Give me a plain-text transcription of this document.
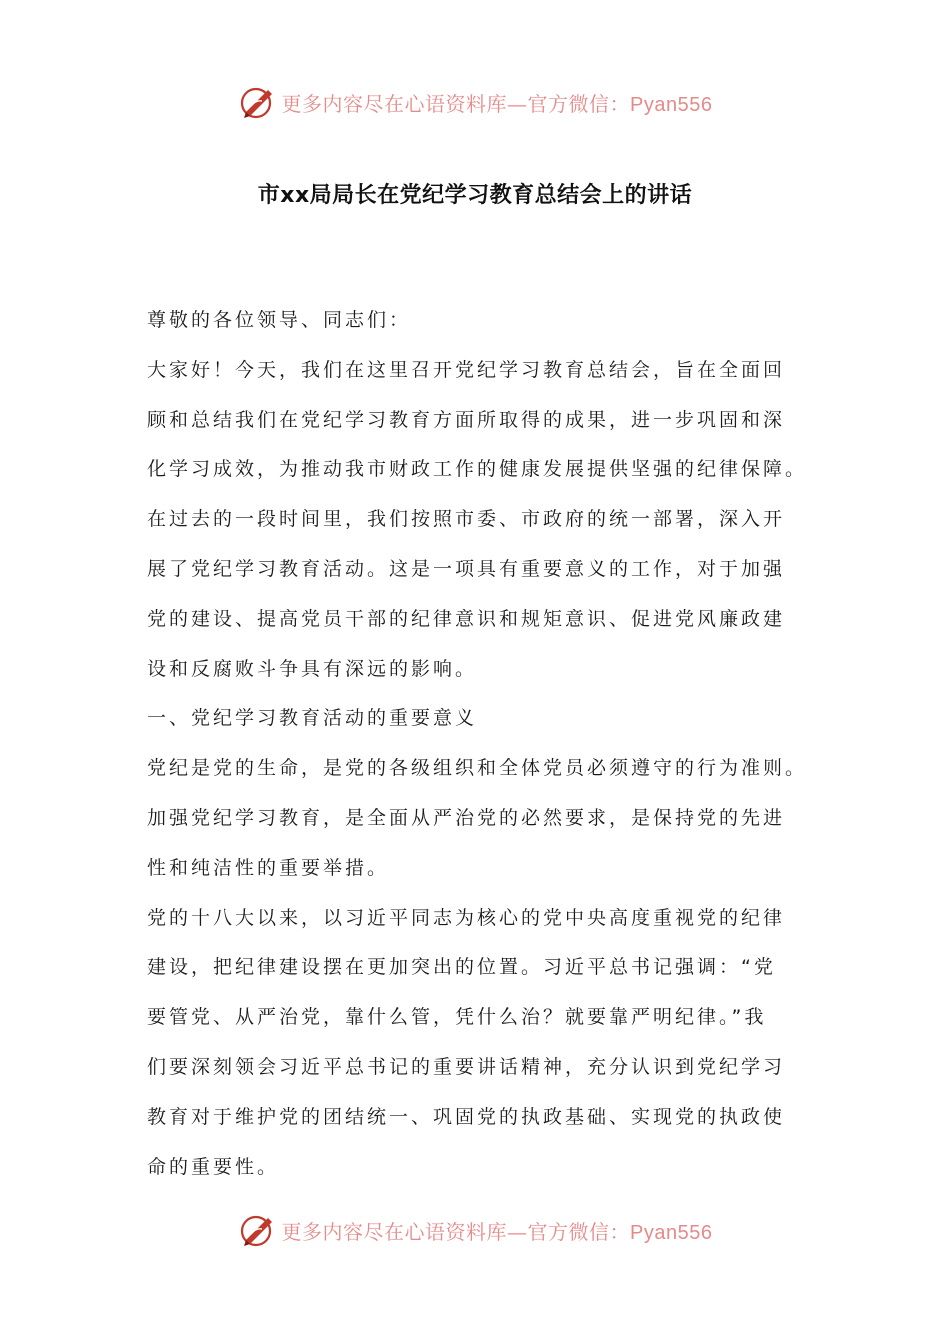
更多内容尽在心语资料库—官方微信：Pyan556
市xx局局长在党纪学习教育总结会上的讲话
尊敬的各位领导、同志们：
大家好！今天，我们在这里召开党纪学习教育总结会，旨在全面回
顾和总结我们在党纪学习教育方面所取得的成果，进一步巩固和深
化学习成效，为推动我市财政工作的健康发展提供坚强的纪律保障。
在过去的一段时间里，我们按照市委、市政府的统一部署，深入开
展了党纪学习教育活动。这是一项具有重要意义的工作，对于加强
党的建设、提高党员干部的纪律意识和规矩意识、促进党风廉政建
设和反腐败斗争具有深远的影响。
一、党纪学习教育活动的重要意义
党纪是党的生命，是党的各级组织和全体党员必须遵守的行为准则。
加强党纪学习教育，是全面从严治党的必然要求，是保持党的先进
性和纯洁性的重要举措。
党的十八大以来，以习近平同志为核心的党中央高度重视党的纪律
建设，把纪律建设摆在更加突出的位置。习近平总书记强调：“党
要管党、从严治党，靠什么管，凭什么治？就要靠严明纪律。”我
们要深刻领会习近平总书记的重要讲话精神，充分认识到党纪学习
教育对于维护党的团结统一、巩固党的执政基础、实现党的执政使
命的重要性。
更多内容尽在心语资料库—官方微信：Pyan556
